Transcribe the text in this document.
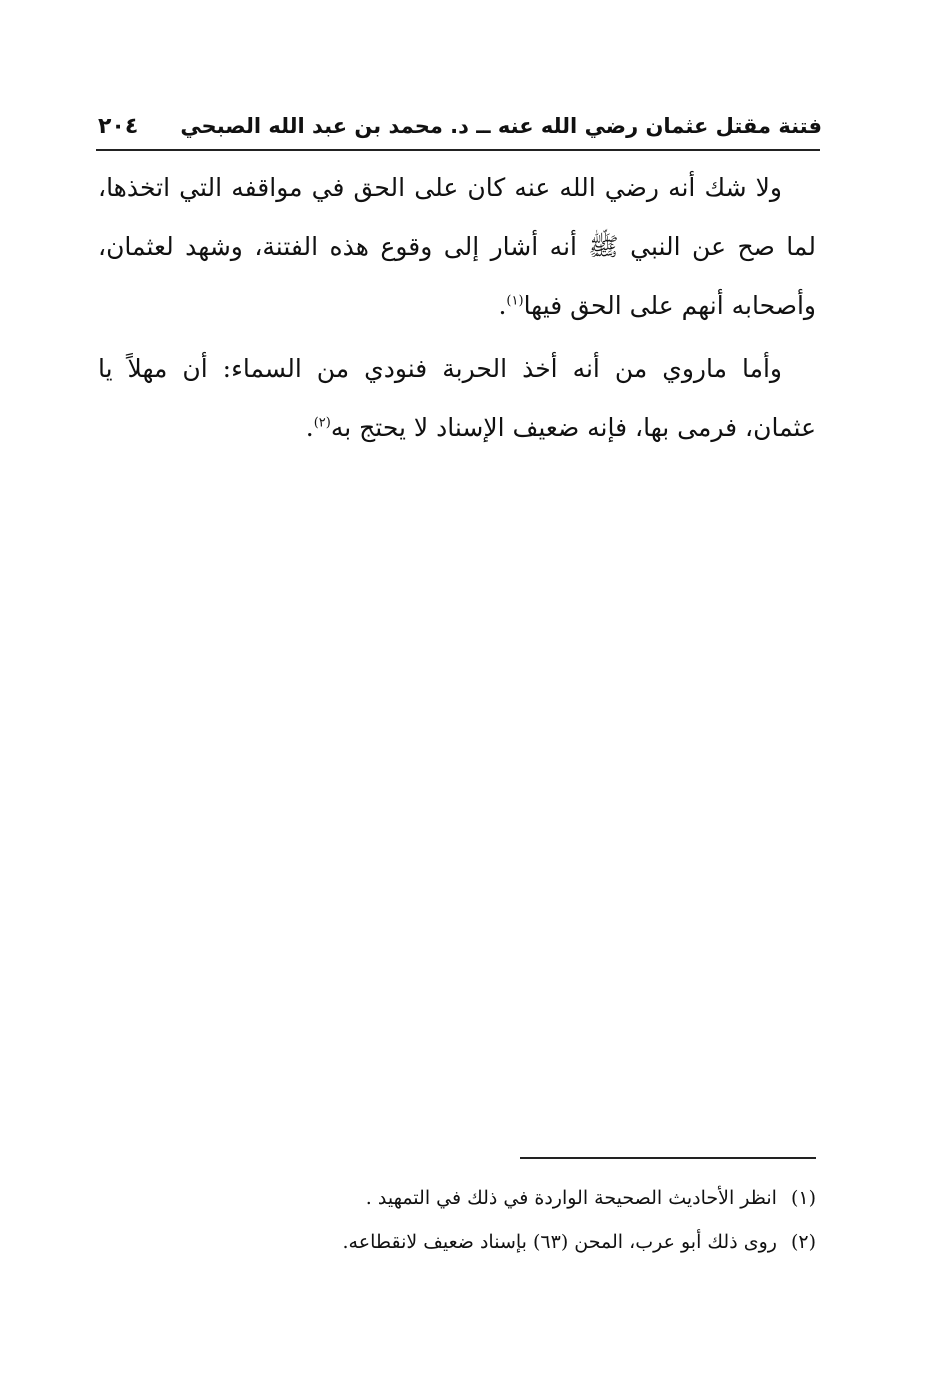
فتنة مقتل عثمان رضي الله عنه ــ د. محمد بن عبد الله الصبحي
٢٠٤

ولا شك أنه رضي الله عنه كان على الحق في مواقفه التي اتخذها، لما صح عن النبي ﷺ أنه أشار إلى وقوع هذه الفتنة، وشهد لعثمان، وأصحابه أنهم على الحق فيها$^{(١)}$.

وأما ماروي من أنه أخذ الحربة فنودي من السماء: أن مهلاً يا عثمان، فرمى بها، فإنه ضعيف الإسناد لا يحتج به$^{(٢)}$.

(١)انظر الأحاديث الصحيحة الواردة في ذلك في التمهيد .
(٢)روى ذلك أبو عرب، المحن (٦٣) بإسناد ضعيف لانقطاعه.
